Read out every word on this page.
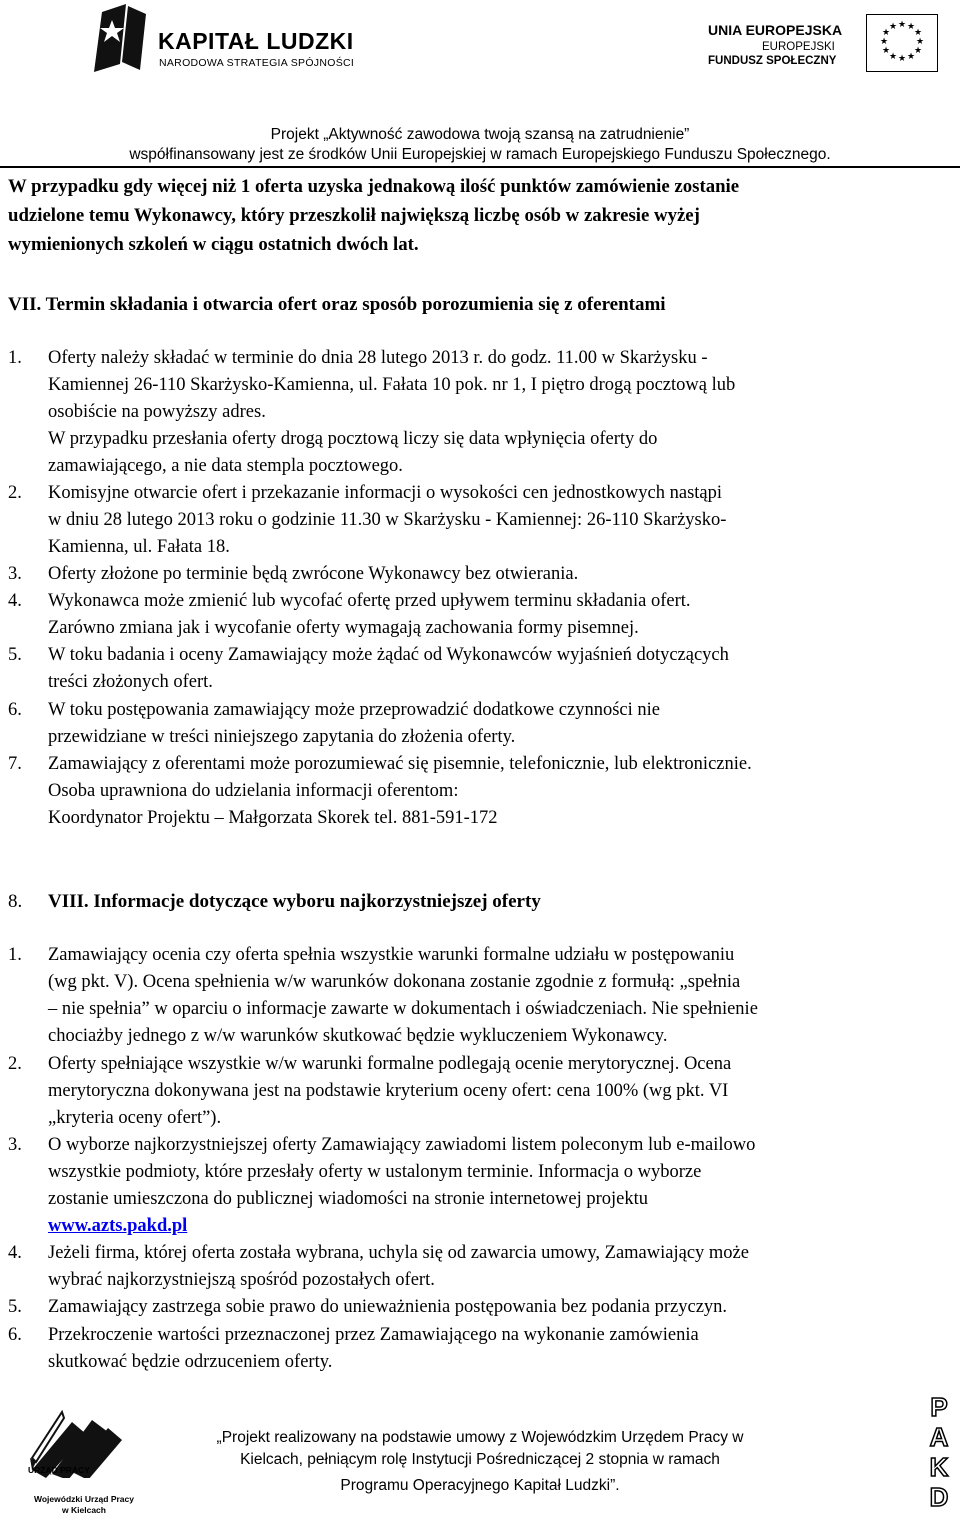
KAPITAŁ LUDZKI
NARODOWA STRATEGIA SPÓJNOŚCI
UNIA EUROPEJSKA
EUROPEJSKI
FUNDUSZ SPOŁECZNY
★ ★
★
★
★
★
★
★
★
★
★
★
Projekt „Aktywność zawodowa twoją szansą na zatrudnienie”
współfinansowany jest ze środków Unii Europejskiej w ramach Europejskiego Funduszu Społecznego.
W przypadku gdy więcej niż 1 oferta uzyska jednakową ilość punktów zamówienie zostanie
udzielone temu Wykonawcy, który przeszkolił największą liczbę osób w zakresie wyżej
wymienionych szkoleń w ciągu ostatnich dwóch lat.
VII. Termin składania i otwarcia ofert oraz sposób porozumienia się z oferentami
1. Oferty należy składać w terminie do dnia 28 lutego 2013 r. do godz. 11.00 w Skarżysku -
Kamiennej 26-110 Skarżysko-Kamienna, ul. Fałata 10 pok. nr 1, I piętro drogą pocztową lub
osobiście na powyższy adres.
W przypadku przesłania oferty drogą pocztową liczy się data wpłynięcia oferty do
zamawiającego, a nie data stempla pocztowego.
2. Komisyjne otwarcie ofert i przekazanie informacji o wysokości cen jednostkowych nastąpi
w dniu 28 lutego 2013 roku o godzinie 11.30 w Skarżysku - Kamiennej: 26-110 Skarżysko-
Kamienna, ul. Fałata 18.
3. Oferty złożone po terminie będą zwrócone Wykonawcy bez otwierania.
4. Wykonawca może zmienić lub wycofać ofertę przed upływem terminu składania ofert.
Zarówno zmiana jak i wycofanie oferty wymagają zachowania formy pisemnej.
5. W toku badania i oceny Zamawiający może żądać od Wykonawców wyjaśnień dotyczących
treści złożonych ofert.
6. W toku postępowania zamawiający może przeprowadzić dodatkowe czynności nie
przewidziane w treści niniejszego zapytania do złożenia oferty.
7. Zamawiający z oferentami może porozumiewać się pisemnie, telefonicznie, lub elektronicznie.
Osoba uprawniona do udzielania informacji oferentom:
Koordynator Projektu – Małgorzata Skorek tel. 881-591-172
8. VIII. Informacje dotyczące wyboru najkorzystniejszej oferty
1. Zamawiający ocenia czy oferta spełnia wszystkie warunki formalne udziału w postępowaniu
(wg pkt. V). Ocena spełnienia w/w warunków dokonana zostanie zgodnie z formułą: „spełnia
– nie spełnia” w oparciu o informacje zawarte w dokumentach i oświadczeniach. Nie spełnienie
chociażby jednego z w/w warunków skutkować będzie wykluczeniem Wykonawcy.
2. Oferty spełniające wszystkie w/w warunki formalne podlegają ocenie merytorycznej. Ocena
merytoryczna dokonywana jest na podstawie kryterium oceny ofert: cena 100% (wg pkt. VI
„kryteria oceny ofert”).
3. O wyborze najkorzystniejszej oferty Zamawiający zawiadomi listem poleconym lub e-mailowo
wszystkie podmioty, które przesłały oferty w ustalonym terminie. Informacja o wyborze
zostanie umieszczona do publicznej wiadomości na stronie internetowej projektu
www.azts.pakd.pl
4. Jeżeli firma, której oferta została wybrana, uchyla się od zawarcia umowy, Zamawiający może
wybrać najkorzystniejszą spośród pozostałych ofert.
5. Zamawiający zastrzega sobie prawo do unieważnienia postępowania bez podania przyczyn.
6. Przekroczenie wartości przeznaczonej przez Zamawiającego na wykonanie zamówienia
skutkować będzie odrzuceniem oferty.
URZĄD PRACY
Wojewódzki Urząd Pracy
w Kielcach
„Projekt realizowany na podstawie umowy z Wojewódzkim Urzędem Pracy w
Kielcach, pełniącym rolę Instytucji Pośredniczącej 2 stopnia w ramach
Programu Operacyjnego Kapitał Ludzki”.
PAKD
